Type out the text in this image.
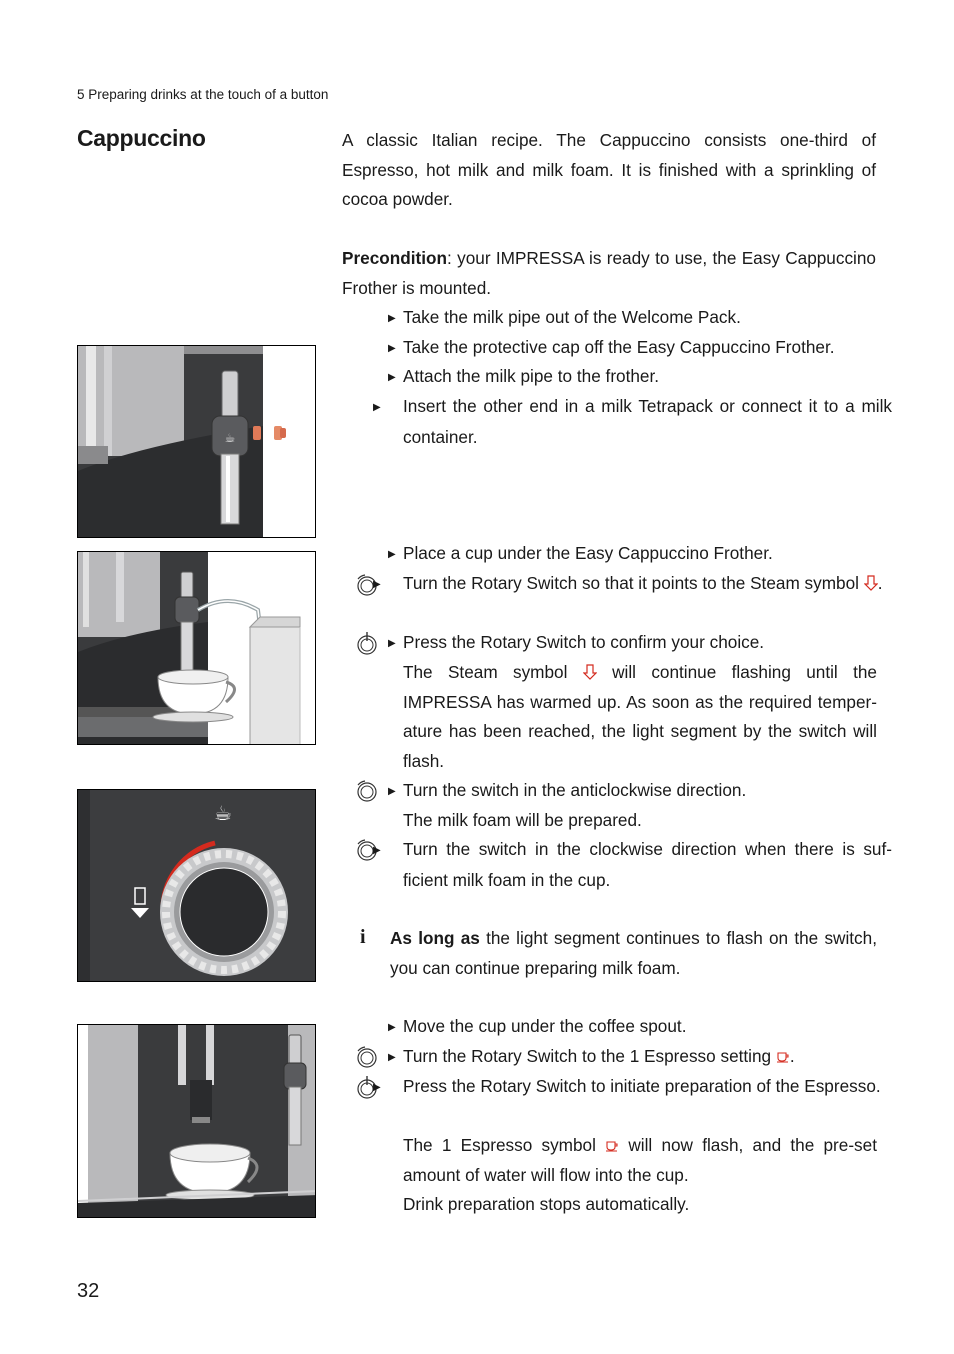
5 Preparing drinks at the touch of a button
Cappuccino	A classic Italian recipe. The Cappuccino consists one-third of Espresso, hot milk and milk foam. It is finished with a sprinkling of cocoa powder.
Precondition: your IMPRESSA is ready to use, the Easy Cappuccino Frother is mounted.
▶ Take the milk pipe out of the Welcome Pack.
▶ Take the protective cap off the Easy Cappuccino Frother.
▶ Attach the milk pipe to the frother.
▶ Insert the other end in a milk Tetrapack or connect it to a milk container.
▶ Place a cup under the Easy Cappuccino Frother.
▶ Turn the Rotary Switch so that it points to the Steam symbol .
▶ Press the Rotary Switch to confirm your choice.
The Steam symbol	will continue flashing until the IMPRESSA has warmed up. As soon as the required temper-ature has been reached, the light segment by the switch will flash.
▶ Turn the switch in the anticlockwise direction.
The milk foam will be prepared.
▶ Turn the switch in the clockwise direction when there is suf-ficient milk foam in the cup.
i As long as the light segment continues to flash on the switch, you can continue preparing milk foam.
▶ Move the cup under the coffee spout.
▶ Turn the Rotary Switch to the 1 Espresso setting .
▶ Press the Rotary Switch to initiate preparation of the Espresso.
The 1 Espresso symbol will now flash, and the pre-set amount of water will flow into the cup.
Drink preparation stops automatically.
☕
☕
32
